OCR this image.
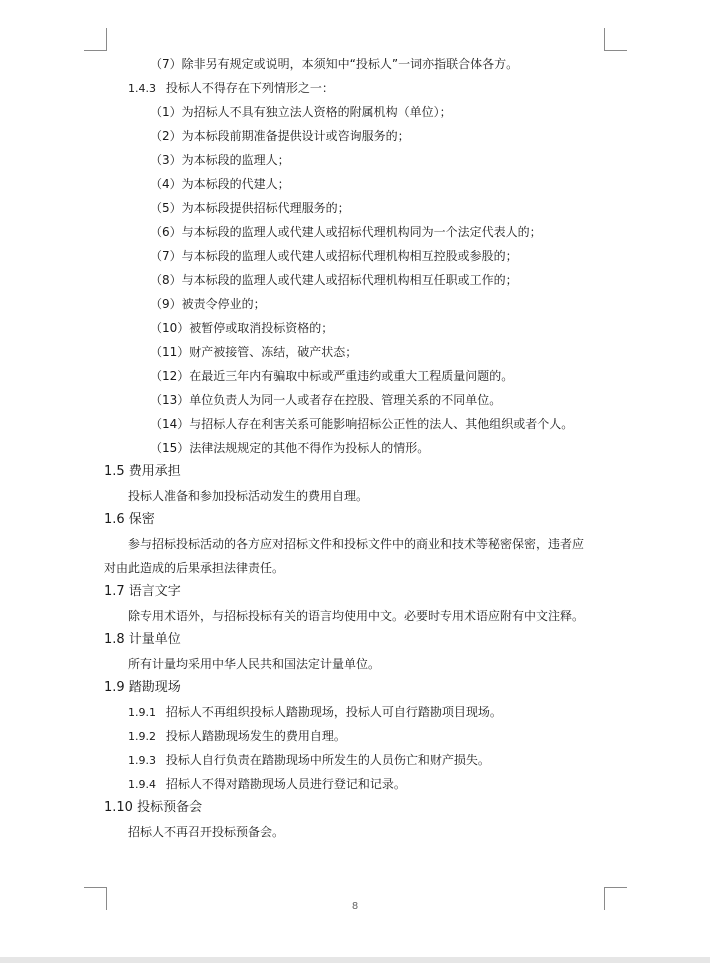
（7）除非另有规定或说明，本须知中“投标人”一词亦指联合体各方。
1.4.3 投标人不得存在下列情形之一：
（1）为招标人不具有独立法人资格的附属机构（单位）；
（2）为本标段前期准备提供设计或咨询服务的；
（3）为本标段的监理人；
（4）为本标段的代建人；
（5）为本标段提供招标代理服务的；
（6）与本标段的监理人或代建人或招标代理机构同为一个法定代表人的；
（7）与本标段的监理人或代建人或招标代理机构相互控股或参股的；
（8）与本标段的监理人或代建人或招标代理机构相互任职或工作的；
（9）被责令停业的；
（10）被暂停或取消投标资格的；
（11）财产被接管、冻结，破产状态；
（12）在最近三年内有骗取中标或严重违约或重大工程质量问题的。
（13）单位负责人为同一人或者存在控股、管理关系的不同单位。
（14）与招标人存在利害关系可能影响招标公正性的法人、其他组织或者个人。
（15）法律法规规定的其他不得作为投标人的情形。
1.5 费用承担
投标人准备和参加投标活动发生的费用自理。
1.6 保密
参与招标投标活动的各方应对招标文件和投标文件中的商业和技术等秘密保密，违者应
对由此造成的后果承担法律责任。
1.7 语言文字
除专用术语外，与招标投标有关的语言均使用中文。必要时专用术语应附有中文注释。
1.8 计量单位
所有计量均采用中华人民共和国法定计量单位。
1.9 踏勘现场
1.9.1 招标人不再组织投标人踏勘现场，投标人可自行踏勘项目现场。
1.9.2 投标人踏勘现场发生的费用自理。
1.9.3 投标人自行负责在踏勘现场中所发生的人员伤亡和财产损失。
1.9.4 招标人不得对踏勘现场人员进行登记和记录。
1.10 投标预备会
招标人不再召开投标预备会。
8
